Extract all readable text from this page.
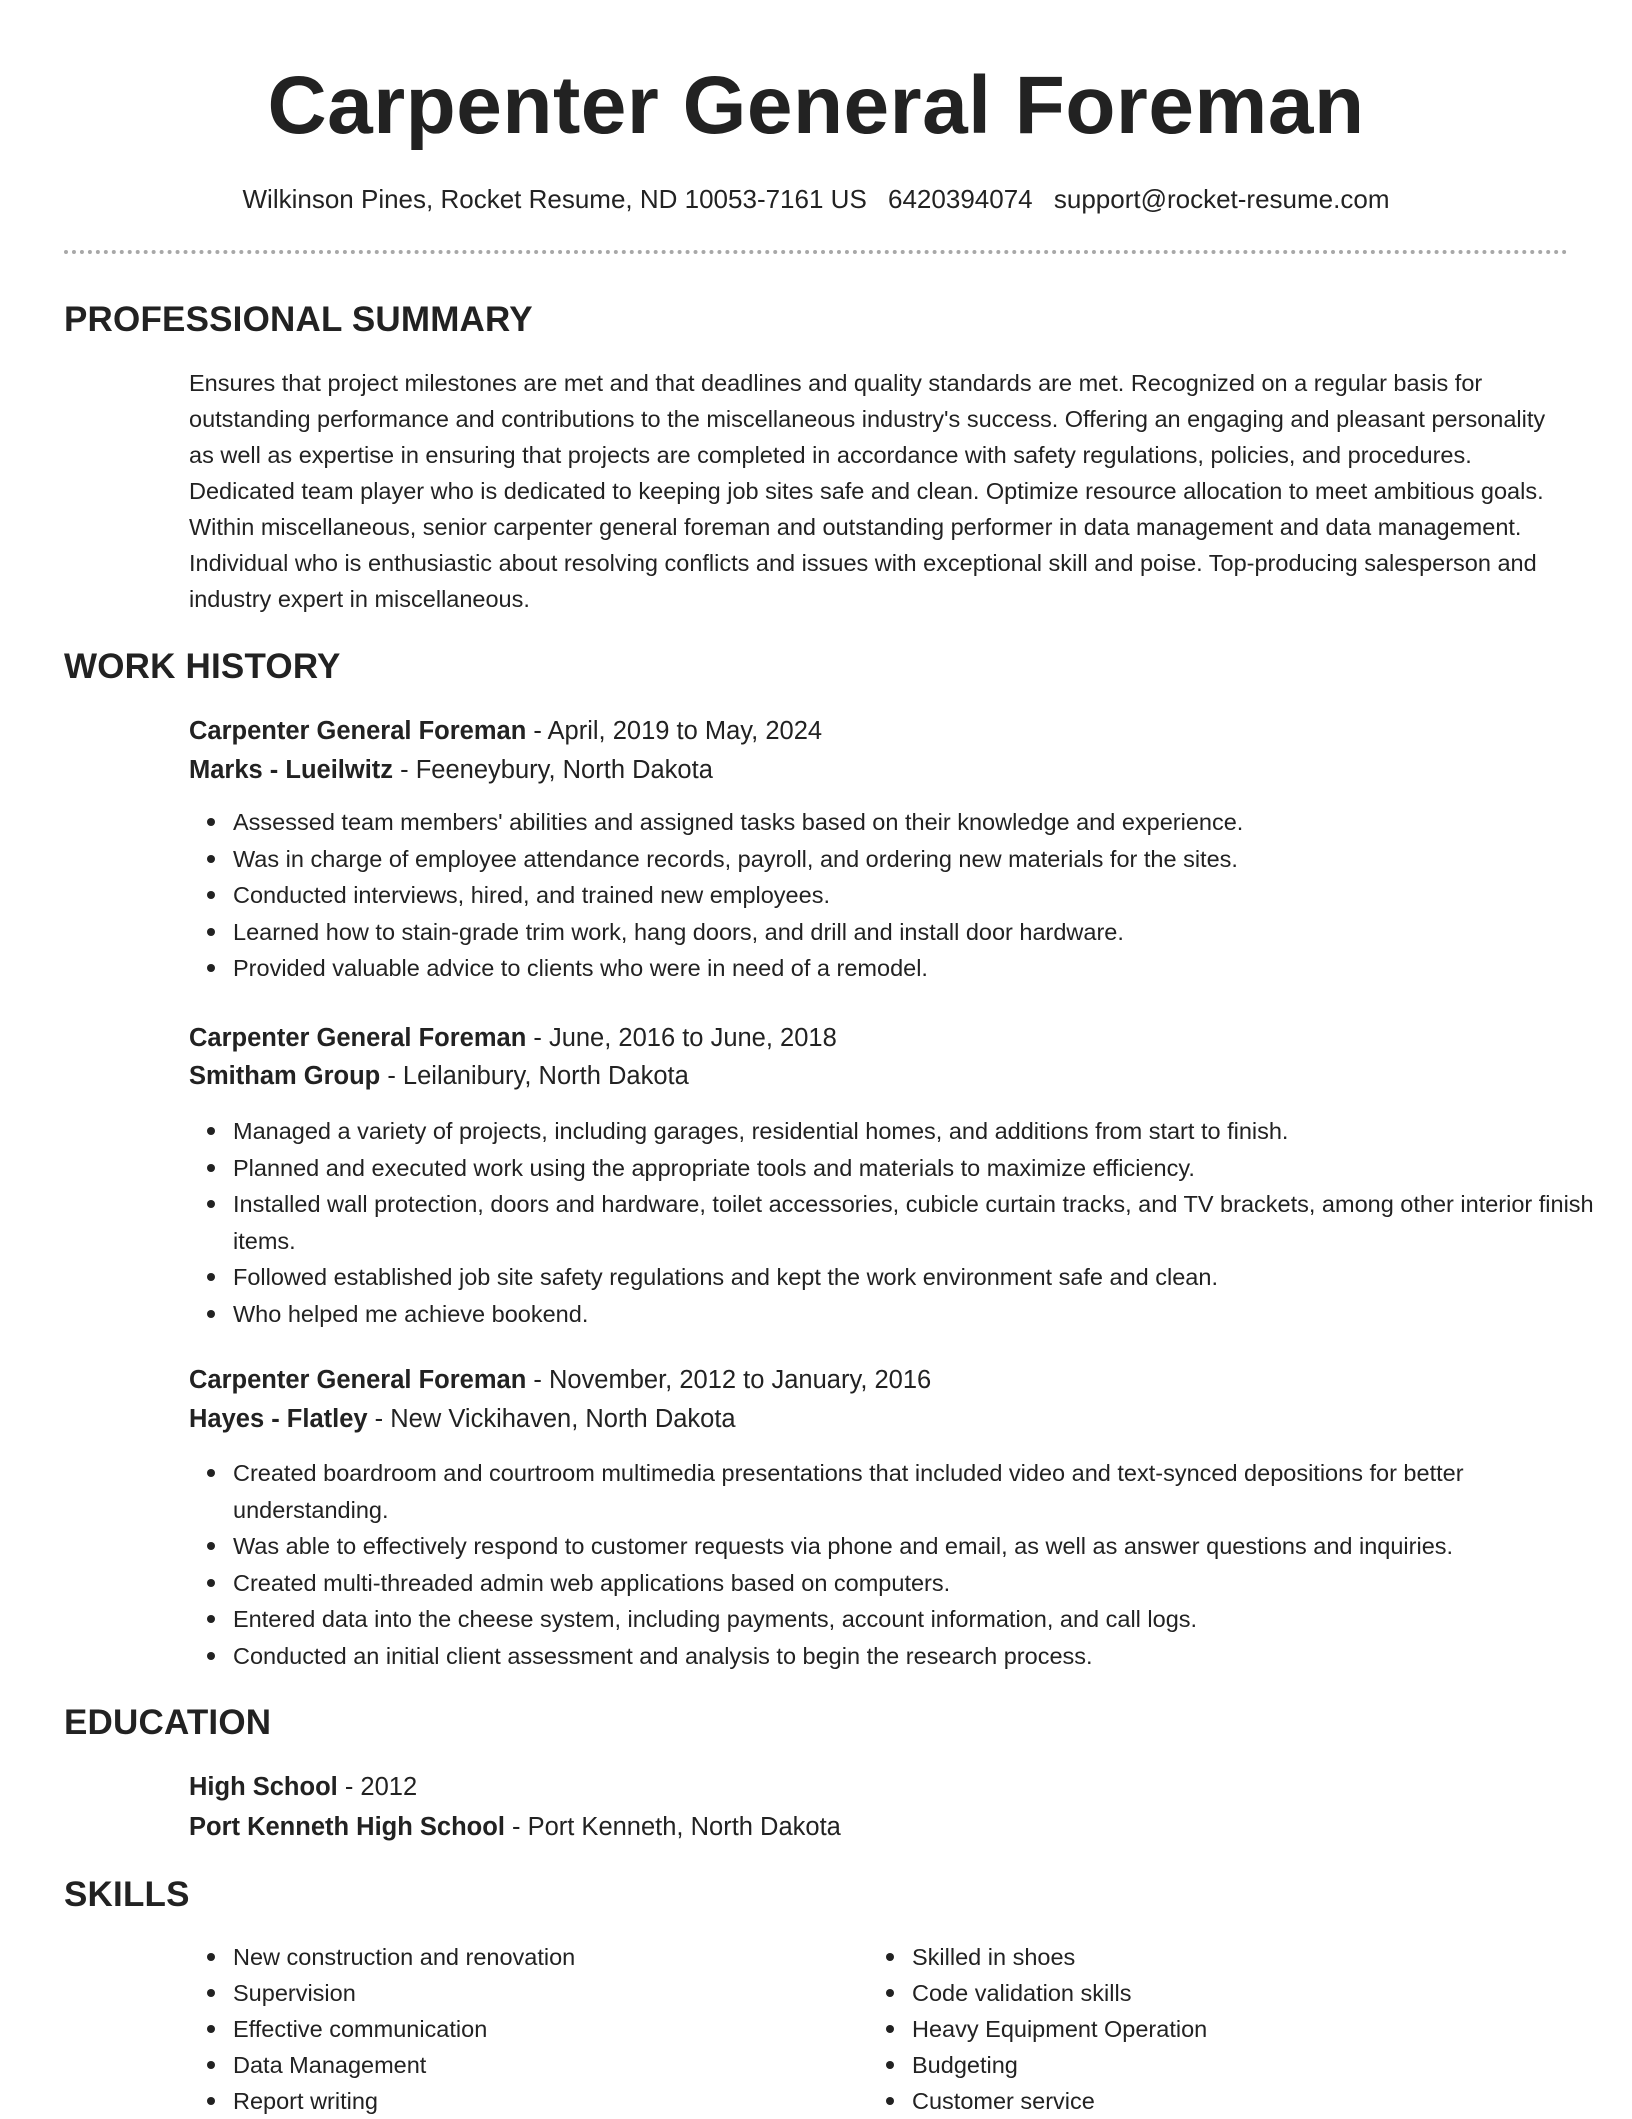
Carpenter General Foreman
Wilkinson Pines, Rocket Resume, ND 10053-7161 US 6420394074 support@rocket-resume.com
PROFESSIONAL SUMMARY

Ensures that project milestones are met and that deadlines and quality standards are met. Recognized on a regular basis for outstanding performance and contributions to the miscellaneous industry's success. Offering an engaging and pleasant personality as well as expertise in ensuring that projects are completed in accordance with safety regulations, policies, and procedures. Dedicated team player who is dedicated to keeping job sites safe and clean. Optimize resource allocation to meet ambitious goals. Within miscellaneous, senior carpenter general foreman and outstanding performer in data management and data management. Individual who is enthusiastic about resolving conflicts and issues with exceptional skill and poise. Top-producing salesperson and industry expert in miscellaneous.

WORK HISTORY
Carpenter General Foreman - April, 2019 to May, 2024
Marks - Lueilwitz - Feeneybury, North Dakota
Assessed team members' abilities and assigned tasks based on their knowledge and experience.
Was in charge of employee attendance records, payroll, and ordering new materials for the sites.
Conducted interviews, hired, and trained new employees.
Learned how to stain-grade trim work, hang doors, and drill and install door hardware.
Provided valuable advice to clients who were in need of a remodel.
Carpenter General Foreman - June, 2016 to June, 2018
Smitham Group - Leilanibury, North Dakota
Managed a variety of projects, including garages, residential homes, and additions from start to finish.
Planned and executed work using the appropriate tools and materials to maximize efficiency.
Installed wall protection, doors and hardware, toilet accessories, cubicle curtain tracks, and TV brackets, among other interior finish items.
Followed established job site safety regulations and kept the work environment safe and clean.
Who helped me achieve bookend.
Carpenter General Foreman - November, 2012 to January, 2016
Hayes - Flatley - New Vickihaven, North Dakota
Created boardroom and courtroom multimedia presentations that included video and text-synced depositions for better understanding.
Was able to effectively respond to customer requests via phone and email, as well as answer questions and inquiries.
Created multi-threaded admin web applications based on computers.
Entered data into the cheese system, including payments, account information, and call logs.
Conducted an initial client assessment and analysis to begin the research process.
EDUCATION
High School - 2012
Port Kenneth High School - Port Kenneth, North Dakota
SKILLS
New construction and renovation
Supervision
Effective communication
Data Management
Report writing
Skilled in shoes
Code validation skills
Heavy Equipment Operation
Budgeting
Customer service
